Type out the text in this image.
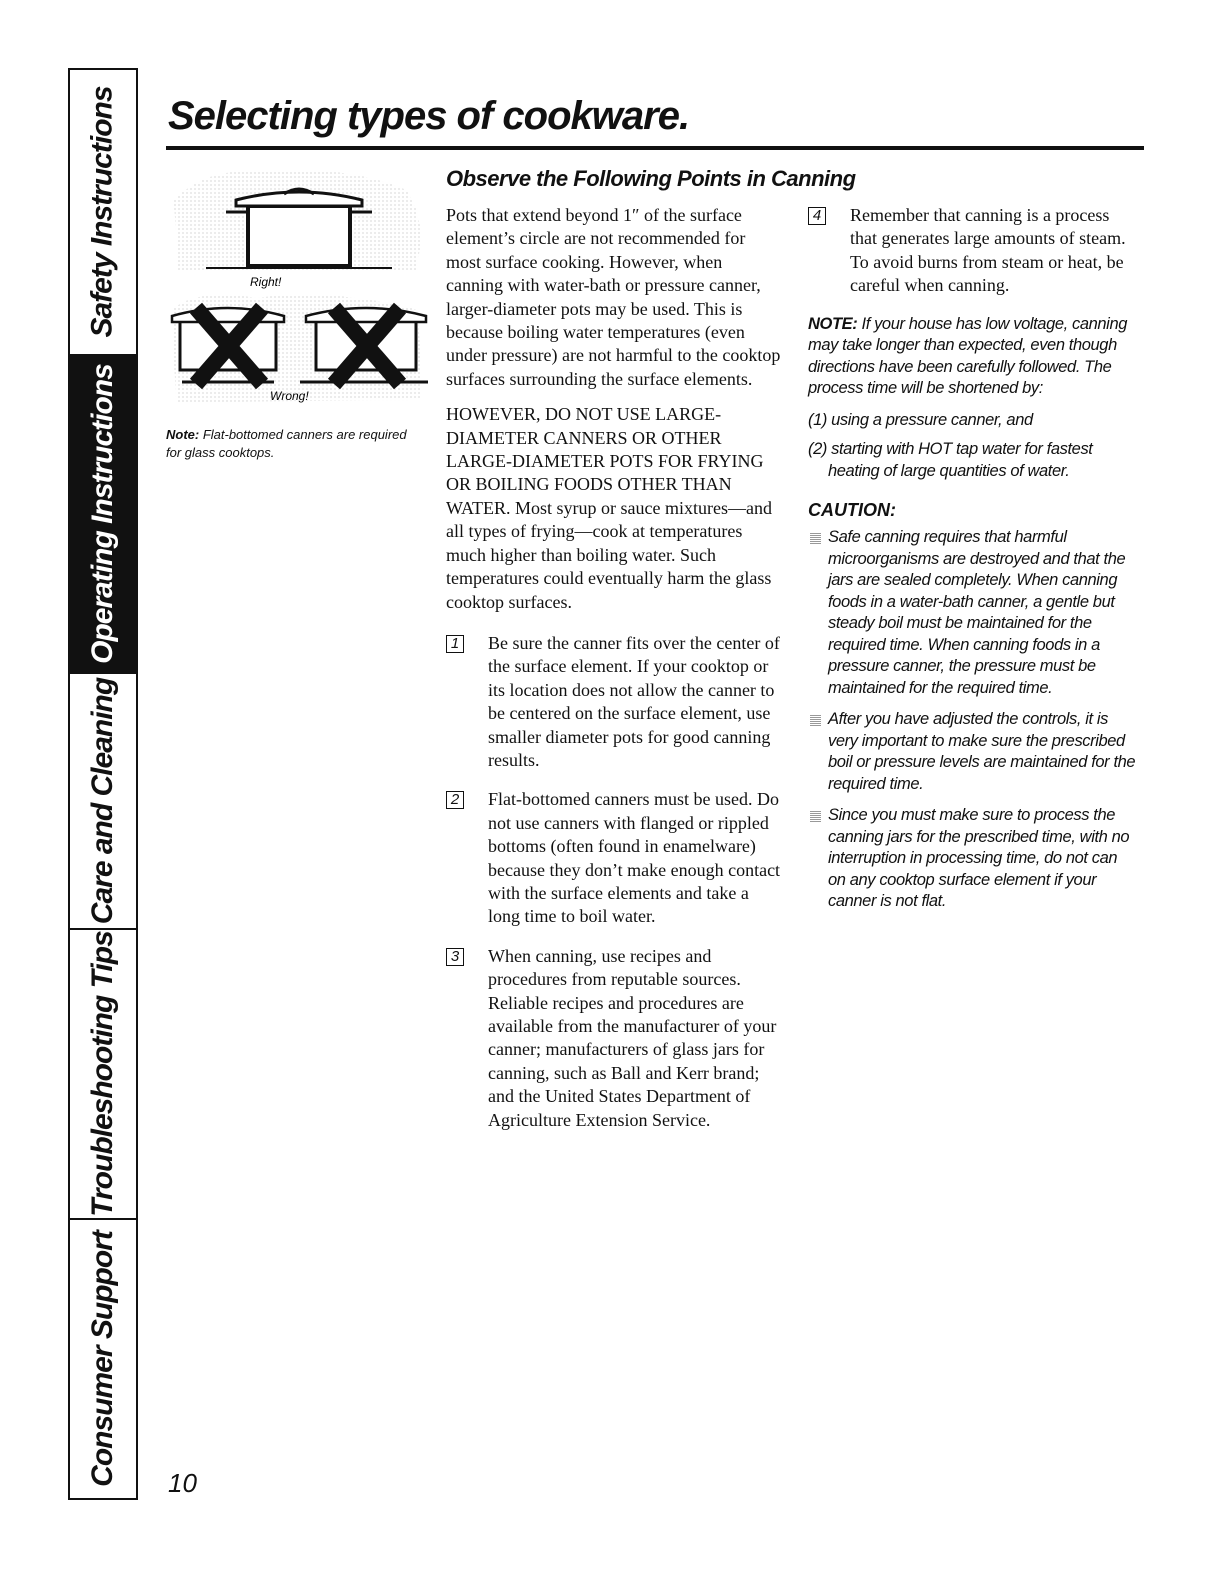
Safety Instructions
Operating Instructions
Care and Cleaning
Troubleshooting Tips
Consumer Support
Selecting types of cookware.
Right!
Wrong!
Note: Flat-bottomed canners are required for glass cooktops.
Observe the Following Points in Canning

Pots that extend beyond 1″ of the surface element’s circle are not recommended for most surface cooking. However, when canning with water-bath or pressure canner, larger-diameter pots may be used. This is because boiling water temperatures (even under pressure) are not harmful to the cooktop surfaces surrounding the surface elements.

HOWEVER, DO NOT USE LARGE-DIAMETER CANNERS OR OTHER LARGE-DIAMETER POTS FOR FRYING OR BOILING FOODS OTHER THAN WATER. Most syrup or sauce mixtures—and all types of frying—cook at temperatures much higher than boiling water. Such temperatures could eventually harm the glass cooktop surfaces.

1 Be sure the canner fits over the center of the surface element. If your cooktop or its location does not allow the canner to be centered on the surface element, use smaller diameter pots for good canning results.

2 Flat-bottomed canners must be used. Do not use canners with flanged or rippled bottoms (often found in enamelware) because they don’t make enough contact with the surface elements and take a long time to boil water.

3 When canning, use recipes and procedures from reputable sources. Reliable recipes and procedures are available from the manufacturer of your canner; manufacturers of glass jars for canning, such as Ball and Kerr brand; and the United States Department of Agriculture Extension Service.

4 Remember that canning is a process that generates large amounts of steam. To avoid burns from steam or heat, be careful when canning.

NOTE: If your house has low voltage, canning may take longer than expected, even though directions have been carefully followed. The process time will be shortened by:

(1) using a pressure canner, and

(2) starting with HOT tap water for fastest heating of large quantities of water.

CAUTION:
Safe canning requires that harmful microorganisms are destroyed and that the jars are sealed completely. When canning foods in a water-bath canner, a gentle but steady boil must be maintained for the required time. When canning foods in a pressure canner, the pressure must be maintained for the required time.
After you have adjusted the controls, it is very important to make sure the prescribed boil or pressure levels are maintained for the required time.
Since you must make sure to process the canning jars for the prescribed time, with no interruption in processing time, do not can on any cooktop surface element if your canner is not flat.
10
